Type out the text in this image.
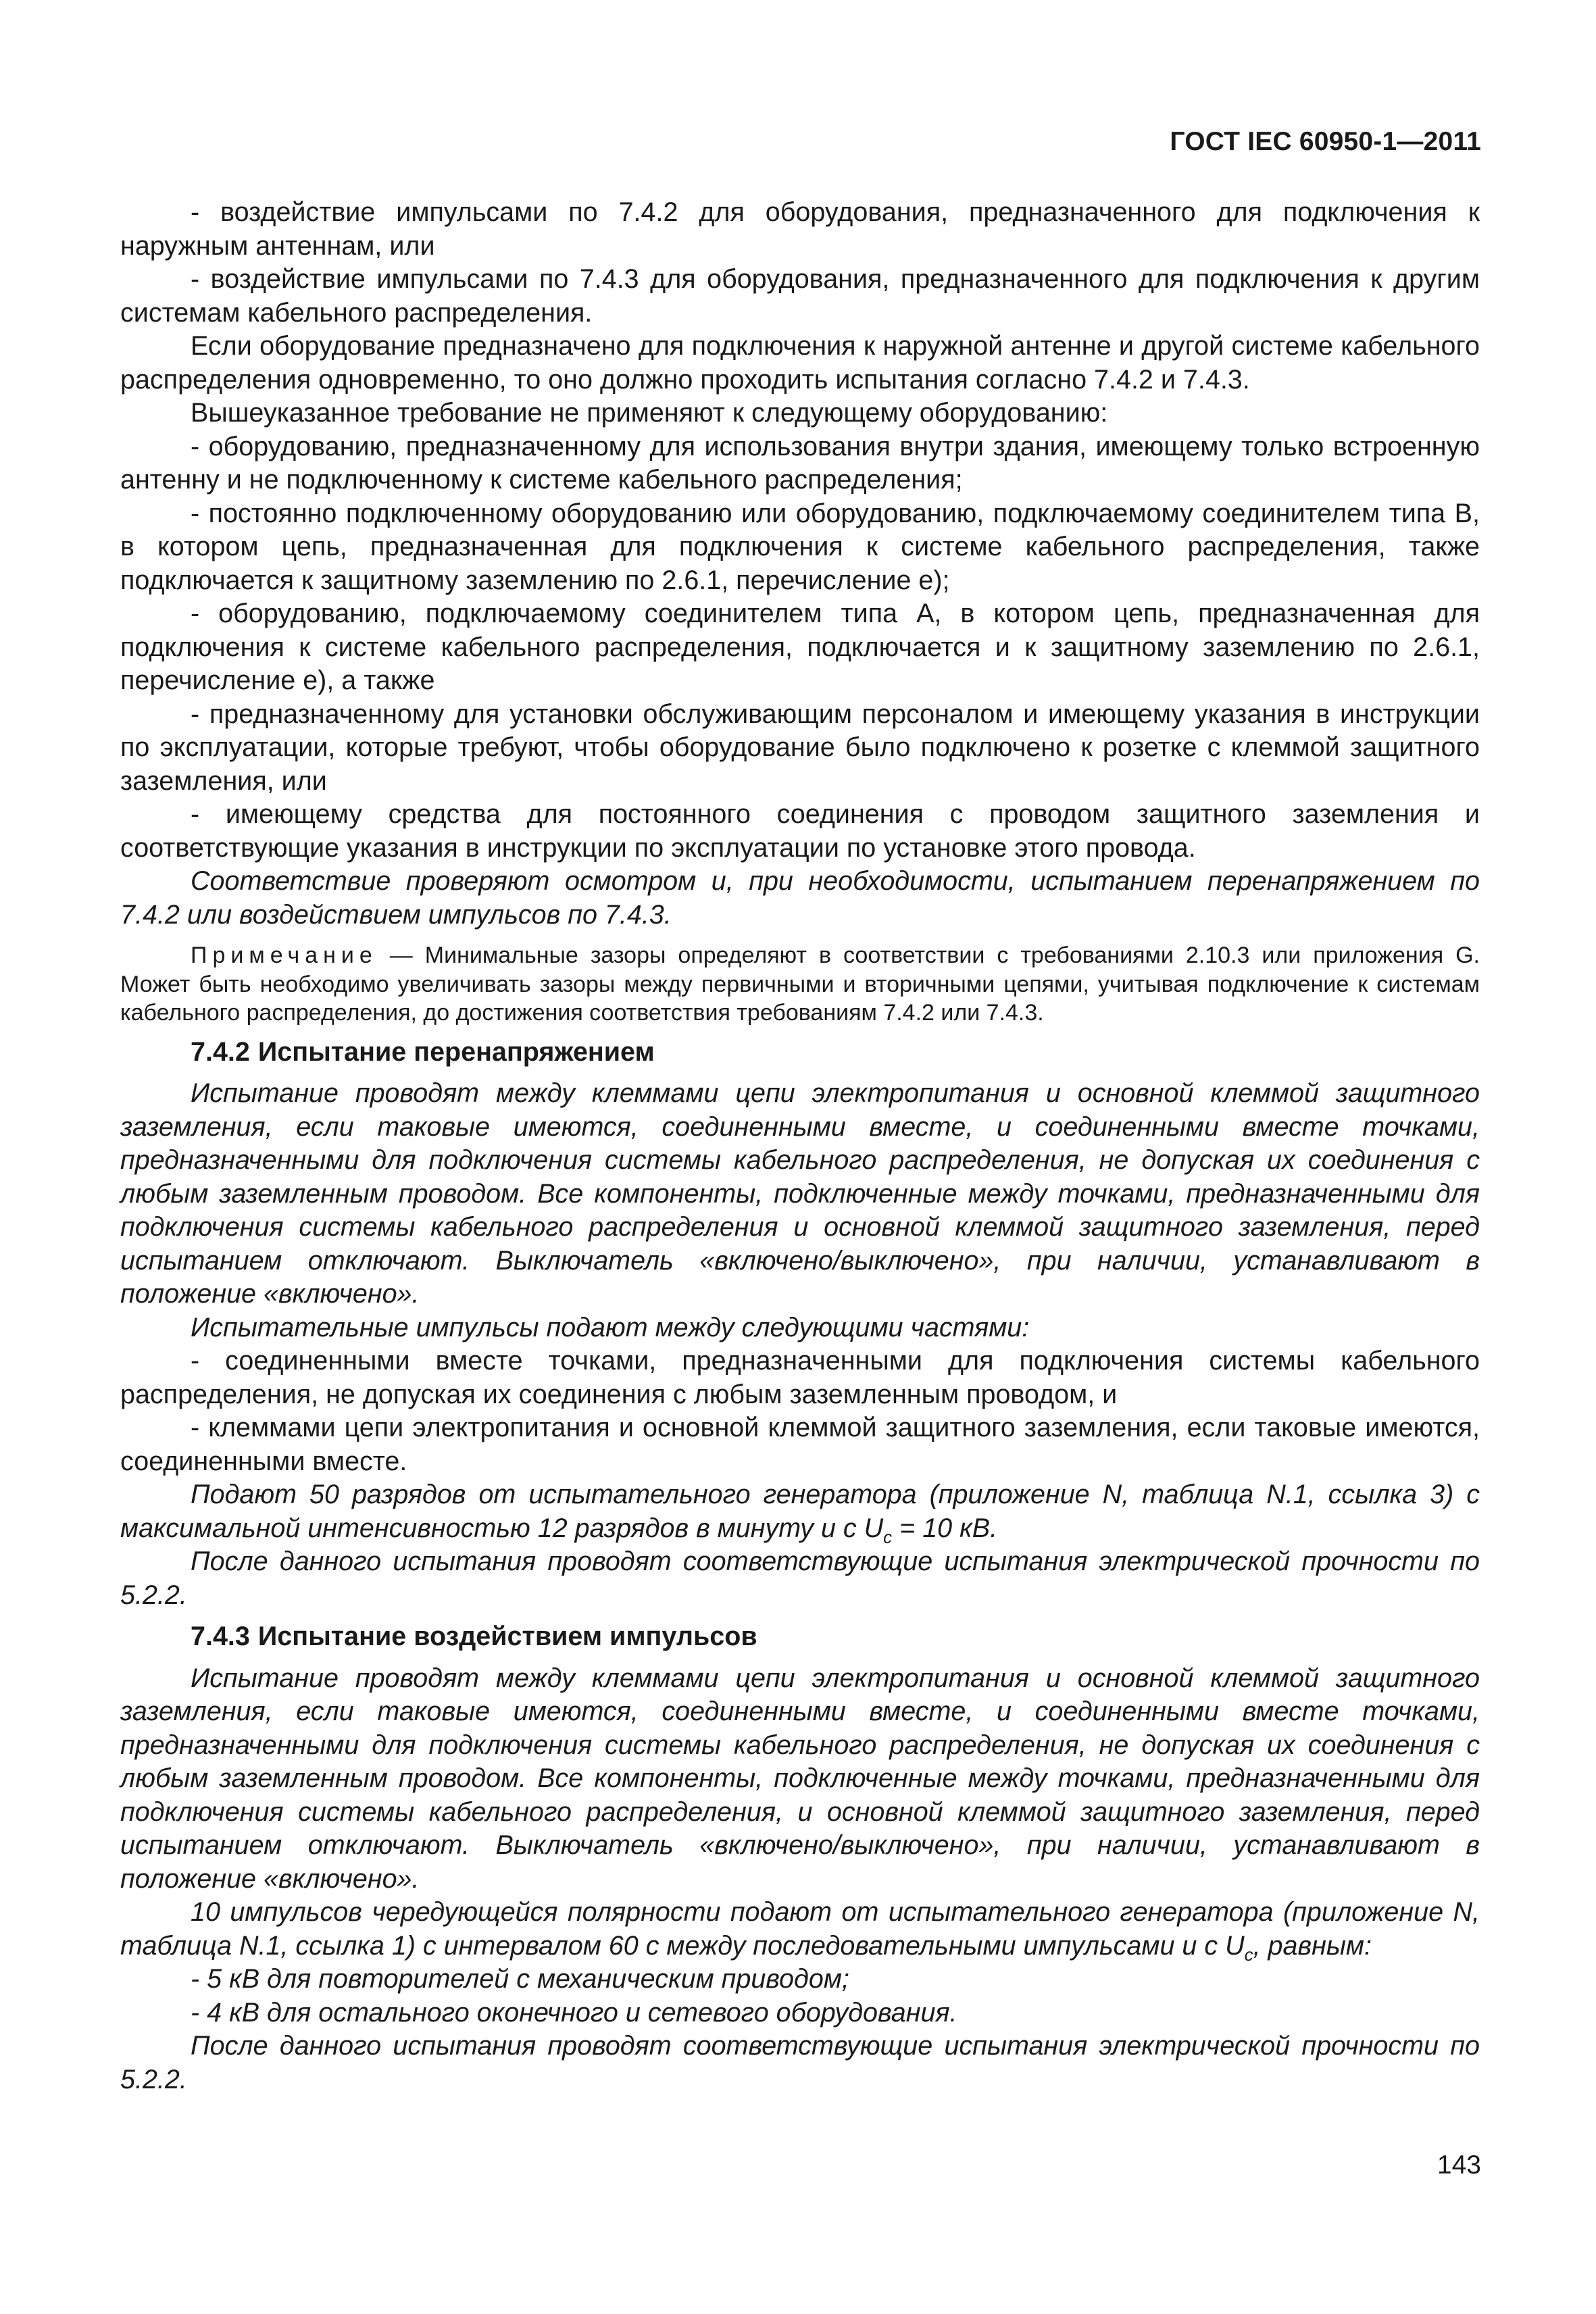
ГОСТ IEC 60950-1—2011

- воздействие импульсами по 7.4.2 для оборудования, предназначенного для подключения к наружным антеннам, или

- воздействие импульсами по 7.4.3 для оборудования, предназначенного для подключения к другим системам кабельного распределения.

Если оборудование предназначено для подключения к наружной антенне и другой системе кабельного распределения одновременно, то оно должно проходить испытания согласно 7.4.2 и 7.4.3.

Вышеуказанное требование не применяют к следующему оборудованию:

- оборудованию, предназначенному для использования внутри здания, имеющему только встроенную антенну и не подключенному к системе кабельного распределения;

- постоянно подключенному оборудованию или оборудованию, подключаемому соединителем типа B, в котором цепь, предназначенная для подключения к системе кабельного распределения, также подключается к защитному заземлению по 2.6.1, перечисление e);

- оборудованию, подключаемому соединителем типа A, в котором цепь, предназначенная для подключения к системе кабельного распределения, подключается и к защитному заземлению по 2.6.1, перечисление e), а также

- предназначенному для установки обслуживающим персоналом и имеющему указания в инструкции по эксплуатации, которые требуют, чтобы оборудование было подключено к розетке с клеммой защитного заземления, или

- имеющему средства для постоянного соединения с проводом защитного заземления и соответствующие указания в инструкции по эксплуатации по установке этого провода.

Соответствие проверяют осмотром и, при необходимости, испытанием перенапряжением по 7.4.2 или воздействием импульсов по 7.4.3.

Примечание — Минимальные зазоры определяют в соответствии с требованиями 2.10.3 или приложения G. Может быть необходимо увеличивать зазоры между первичными и вторичными цепями, учитывая подключение к системам кабельного распределения, до достижения соответствия требованиям 7.4.2 или 7.4.3.

7.4.2 Испытание перенапряжением

Испытание проводят между клеммами цепи электропитания и основной клеммой защитного заземления, если таковые имеются, соединенными вместе, и соединенными вместе точками, предназначенными для подключения системы кабельного распределения, не допуская их соединения с любым заземленным проводом. Все компоненты, подключенные между точками, предназначенными для подключения системы кабельного распределения и основной клеммой защитного заземления, перед испытанием отключают. Выключатель «включено/выключено», при наличии, устанавливают в положение «включено».

Испытательные импульсы подают между следующими частями:

- соединенными вместе точками, предназначенными для подключения системы кабельного распределения, не допуская их соединения с любым заземленным проводом, и

- клеммами цепи электропитания и основной клеммой защитного заземления, если таковые имеются, соединенными вместе.

Подают 50 разрядов от испытательного генератора (приложение N, таблица N.1, ссылка 3) с максимальной интенсивностью 12 разрядов в минуту и с $U_c = 10$ кВ.

После данного испытания проводят соответствующие испытания электрической прочности по 5.2.2.

7.4.3 Испытание воздействием импульсов

Испытание проводят между клеммами цепи электропитания и основной клеммой защитного заземления, если таковые имеются, соединенными вместе, и соединенными вместе точками, предназначенными для подключения системы кабельного распределения, не допуская их соединения с любым заземленным проводом. Все компоненты, подключенные между точками, предназначенными для подключения системы кабельного распределения, и основной клеммой защитного заземления, перед испытанием отключают. Выключатель «включено/выключено», при наличии, устанавливают в положение «включено».

10 импульсов чередующейся полярности подают от испытательного генератора (приложение N, таблица N.1, ссылка 1) с интервалом 60 с между последовательными импульсами и с $U_c$, равным:

- 5 кВ для повторителей с механическим приводом;

- 4 кВ для остального оконечного и сетевого оборудования.

После данного испытания проводят соответствующие испытания электрической прочности по 5.2.2.

143
